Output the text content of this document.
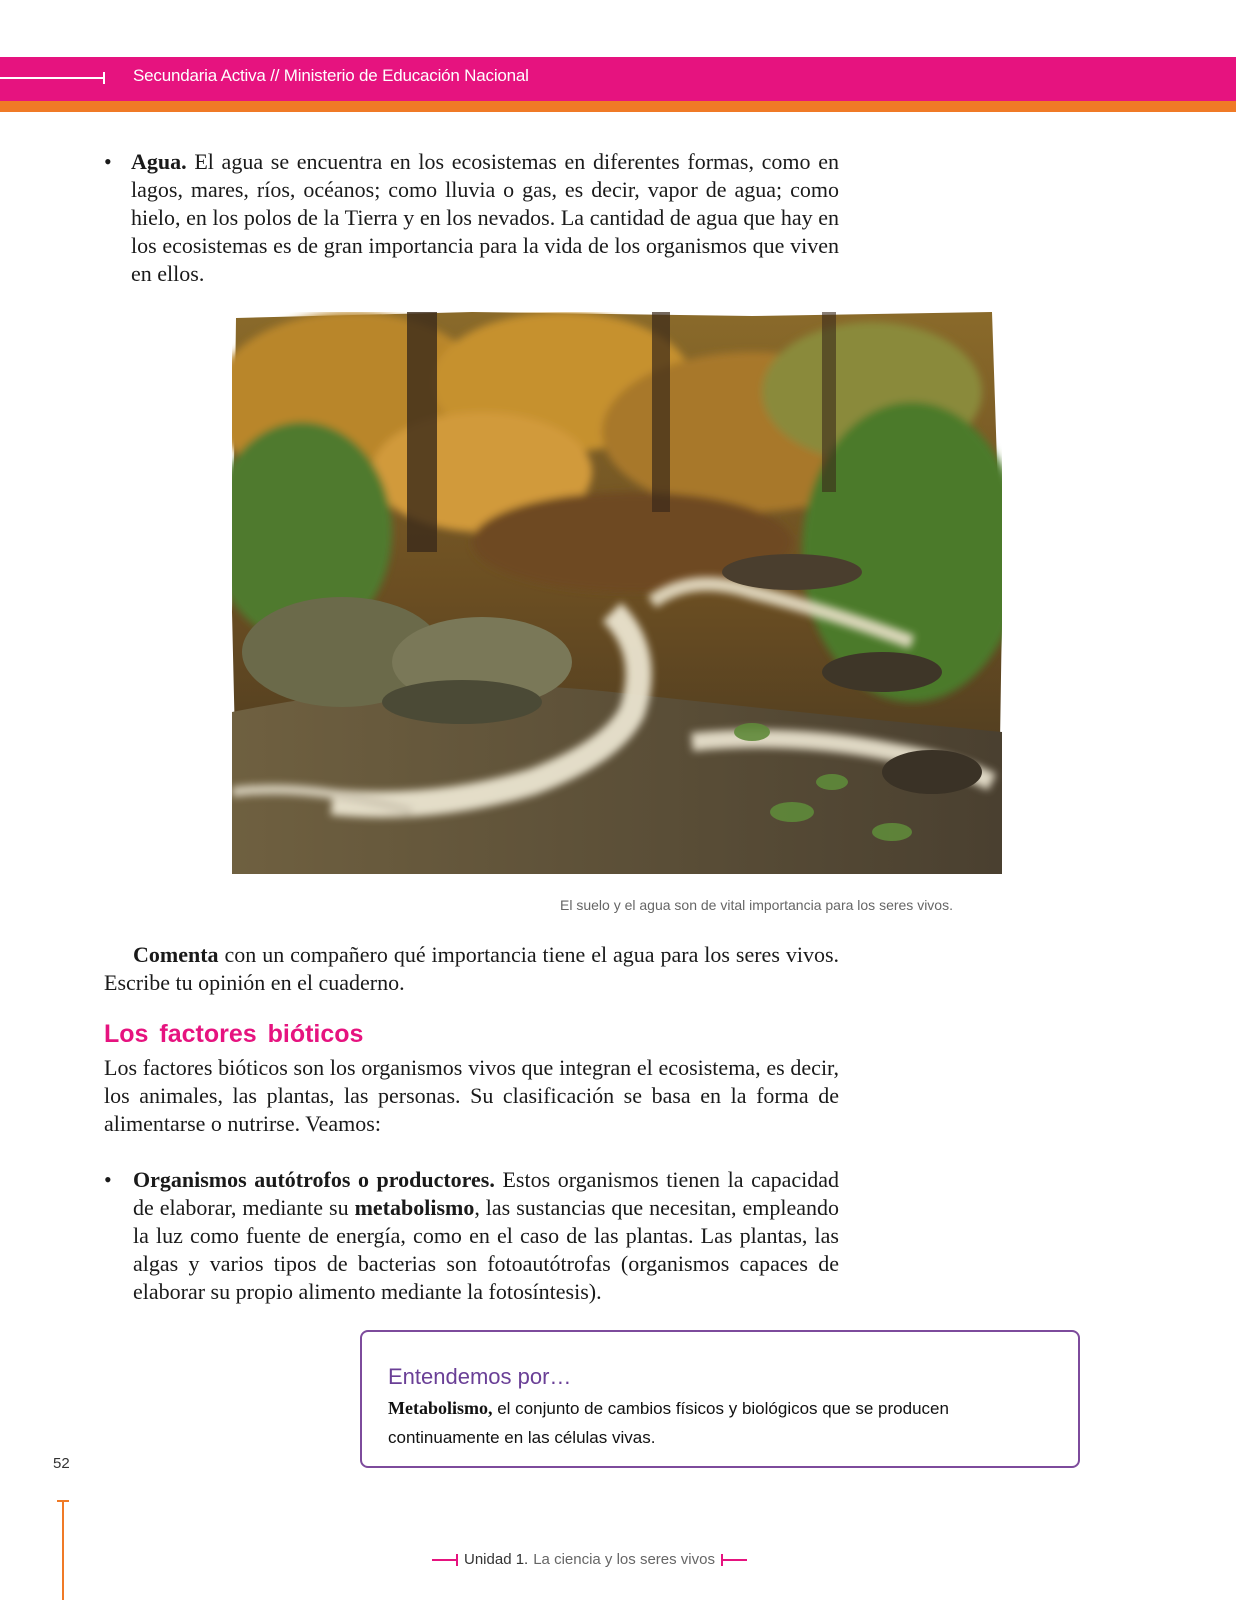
Secundaria Activa // Ministerio de Educación Nacional
• Agua. El agua se encuentra en los ecosistemas en diferentes formas, como en lagos, mares, ríos, océanos; como lluvia o gas, es decir, vapor de agua; como hielo, en los polos de la Tierra y en los nevados. La cantidad de agua que hay en los ecosistemas es de gran importancia para la vida de los organismos que viven en ellos.
El suelo y el agua son de vital importancia para los seres vivos.
Comenta con un compañero qué importancia tiene el agua para los seres vivos. Escribe tu opinión en el cuaderno.
Los factores bióticos
Los factores bióticos son los organismos vivos que integran el ecosistema, es decir, los animales, las plantas, las personas. Su clasificación se basa en la forma de alimentarse o nutrirse. Veamos:
• Organismos autótrofos o productores. Estos organismos tienen la capacidad de elaborar, mediante su metabolismo, las sustancias que necesitan, empleando la luz como fuente de energía, como en el caso de las plantas. Las plantas, las algas y varios tipos de bacterias son fotoautótrofas (organismos capaces de elaborar su propio alimento mediante la fotosíntesis).
Entendemos por…
Metabolismo, el conjunto de cambios físicos y biológicos que se producen continuamente en las células vivas.
52
Unidad 1. La ciencia y los seres vivos
